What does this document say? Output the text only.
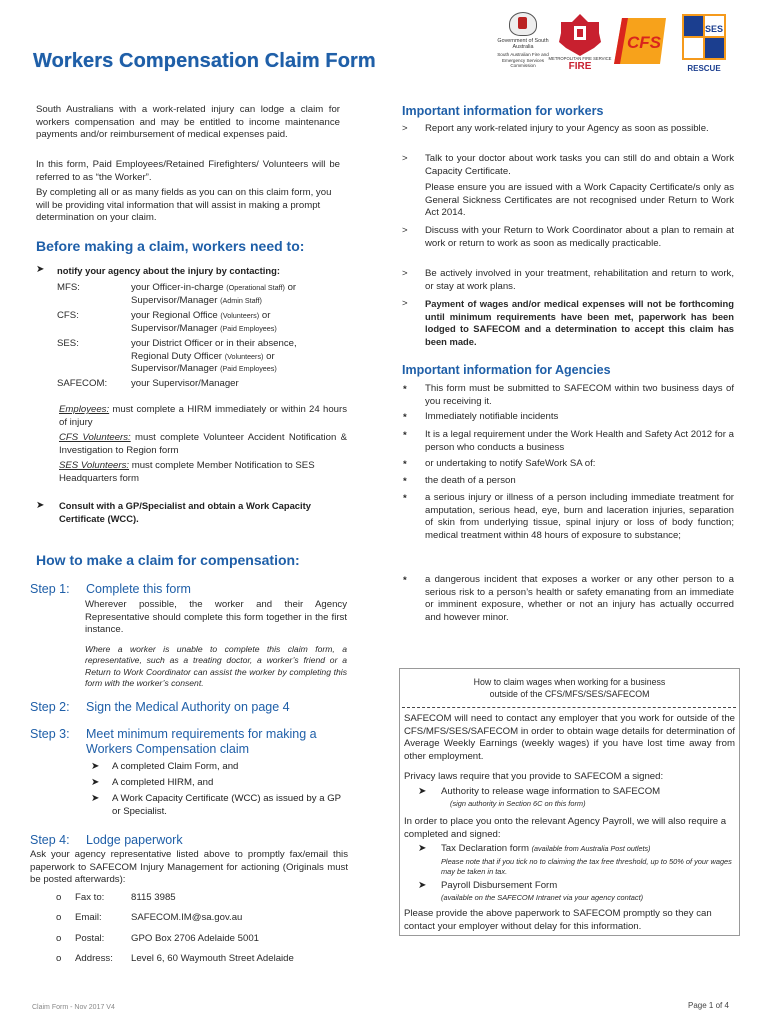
Workers Compensation Claim Form
Government of South Australia
South Australian Fire and Emergency Services Commission
METROPOLITAN FIRE SERVICE
FIRE
CFS
SES
RESCUE
South Australians with a work-related injury can lodge a claim for workers compensation and may be entitled to income maintenance payments and/or reimbursement of medical expenses paid.
In this form, Paid Employees/Retained Firefighters/ Volunteers will be referred to as “the Worker”.
By completing all or as many fields as you can on this claim form, you will be providing vital information that will assist in making a prompt determination on your claim.
Before making a claim, workers need to:
➤ notify your agency about the injury by contacting:
MFS:	your Officer-in-charge (Operational Staff) or
Supervisor/Manager (Admin Staff)
CFS:	your Regional Office (Volunteers) or
Supervisor/Manager (Paid Employees)
SES:	your District Officer or in their absence,
Regional Duty Officer (Volunteers) or
Supervisor/Manager (Paid Employees)
SAFECOM: your Supervisor/Manager
Employees: must complete a HIRM immediately or within 24 hours of injury
CFS Volunteers: must complete Volunteer Accident Notification & Investigation to Region form
SES Volunteers: must complete Member Notification to SES Headquarters form
➤ Consult with a GP/Specialist and obtain a Work Capacity Certificate (WCC).
How to make a claim for compensation:
Step 1: Complete this form
Wherever possible, the worker and their Agency Representative should complete this form together in the first instance.
Where a worker is unable to complete this claim form, a representative, such as a treating doctor, a worker’s friend or a Return to Work Coordinator can assist the worker by completing this form with the worker’s consent.
Step 2: Sign the Medical Authority on page 4
Step 3: Meet minimum requirements for making a Workers Compensation claim
➤ A completed Claim Form, and
➤ A completed HIRM, and
➤ A Work Capacity Certificate (WCC) as issued by a GP or Specialist.
Step 4: Lodge paperwork
Ask your agency representative listed above to promptly fax/email this paperwork to SAFECOM Injury Management for actioning (Originals must be posted afterwards):
o Fax to:	8115 3985
o Email:	SAFECOM.IM@sa.gov.au
o Postal:	GPO Box 2706 Adelaide 5001
o Address: Level 6, 60 Waymouth Street Adelaide
Important information for workers
> Report any work-related injury to your Agency as soon as possible.
> Talk to your doctor about work tasks you can still do and obtain a Work Capacity Certificate.
Please ensure you are issued with a Work Capacity Certificate/s only as General Sickness Certificates are not recognised under Return to Work Act 2014.
> Discuss with your Return to Work Coordinator about a plan to remain at work or return to work as soon as medically practicable.
> Be actively involved in your treatment, rehabilitation and return to work, or stay at work plans.
> Payment of wages and/or medical expenses will not be forthcoming until minimum requirements have been met, paperwork has been lodged to SAFECOM and a determination to accept this claim has been made.
Important information for Agencies
* This form must be submitted to SAFECOM within two business days of you receiving it.
* Immediately notifiable incidents
* It is a legal requirement under the Work Health and Safety Act 2012 for a person who conducts a business
* or undertaking to notify SafeWork SA of:
* the death of a person
* a serious injury or illness of a person including immediate treatment for amputation, serious head, eye, burn and laceration injuries, separation of skin from underlying tissue, spinal injury or loss of body function; medical treatment within 48 hours of exposure to substance;
* a dangerous incident that exposes a worker or any other person to a serious risk to a person’s health or safety emanating from an immediate or imminent exposure, whether or not an injury has actually occurred and however minor.
How to claim wages when working for a business
outside of the CFS/MFS/SES/SAFECOM
SAFECOM will need to contact any employer that you work for outside of the CFS/MFS/SES/SAFECOM in order to obtain wage details for determination of Average Weekly Earnings (weekly wages) if you have lost time away from other employment.
Privacy laws require that you provide to SAFECOM a signed:
➤ Authority to release wage information to SAFECOM
(sign authority in Section 6C on this form)
In order to place you onto the relevant Agency Payroll, we will also require a completed and signed:
➤ Tax Declaration form (available from Australia Post outlets)
Please note that if you tick no to claiming the tax free threshold, up to 50% of your wages may be taken in tax.
➤ Payroll Disbursement Form
(available on the SAFECOM Intranet via your agency contact)
Please provide the above paperwork to SAFECOM promptly so they can contact your employer without delay for this information.
Claim Form - Nov 2017 V4	Page 1 of 4
